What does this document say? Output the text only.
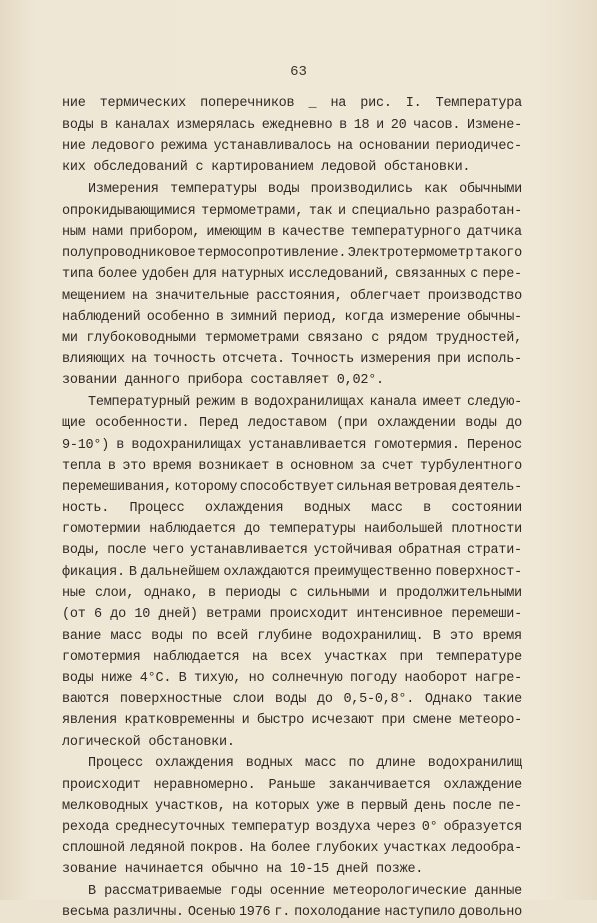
63
ние термических поперечников _ на рис. I. Температура
воды в каналах измерялась ежедневно в 18 и 20 часов. Измене-
ние ледового режима устанавливалось на основании периодичес-
ких обследований с картированием ледовой обстановки.
Измерения температуры воды производились как обычными
опрокидывающимися термометрами, так и специально разработан-
ным нами прибором, имеющим в качестве температурного датчика
полупроводниковое термосопротивление. Электротермометр такого
типа более удобен для натурных исследований, связанных с пере-
мещением на значительные расстояния, облегчает производство
наблюдений особенно в зимний период, когда измерение обычны-
ми глубоководными термометрами связано с рядом трудностей,
влияющих на точность отсчета. Точность измерения при исполь-
зовании данного прибора составляет 0,02°.
Температурный режим в водохранилищах канала имеет следую-
щие особенности. Перед ледоставом (при охлаждении воды до
9-10°) в водохранилищах устанавливается гомотермия. Перенос
тепла в это время возникает в основном за счет турбулентного
перемешивания, которому способствует сильная ветровая деятель-
ность. Процесс охлаждения водных масс в состоянии
гомотермии наблюдается до температуры наибольшей плотности
воды, после чего устанавливается устойчивая обратная страти-
фикация. В дальнейшем охлаждаются преимущественно поверхност-
ные слои, однако, в периоды с сильными и продолжительными
(от 6 до 10 дней) ветрами происходит интенсивное перемеши-
вание масс воды по всей глубине водохранилищ. В это время
гомотермия наблюдается на всех участках при температуре
воды ниже 4°С. В тихую, но солнечную погоду наоборот нагре-
ваются поверхностные слои воды до 0,5-0,8°. Однако такие
явления кратковременны и быстро исчезают при смене метеоро-
логической обстановки.
Процесс охлаждения водных масс по длине водохранилищ
происходит неравномерно. Раньше заканчивается охлаждение
мелководных участков, на которых уже в первый день после пе-
рехода среднесуточных температур воздуха через 0° образуется
сплошной ледяной покров. На более глубоких участках ледообра-
зование начинается обычно на 10-15 дней позже.
В рассматриваемые годы осенние метеорологические данные
весьма различны. Осенью 1976 г. похолодание наступило довольно
